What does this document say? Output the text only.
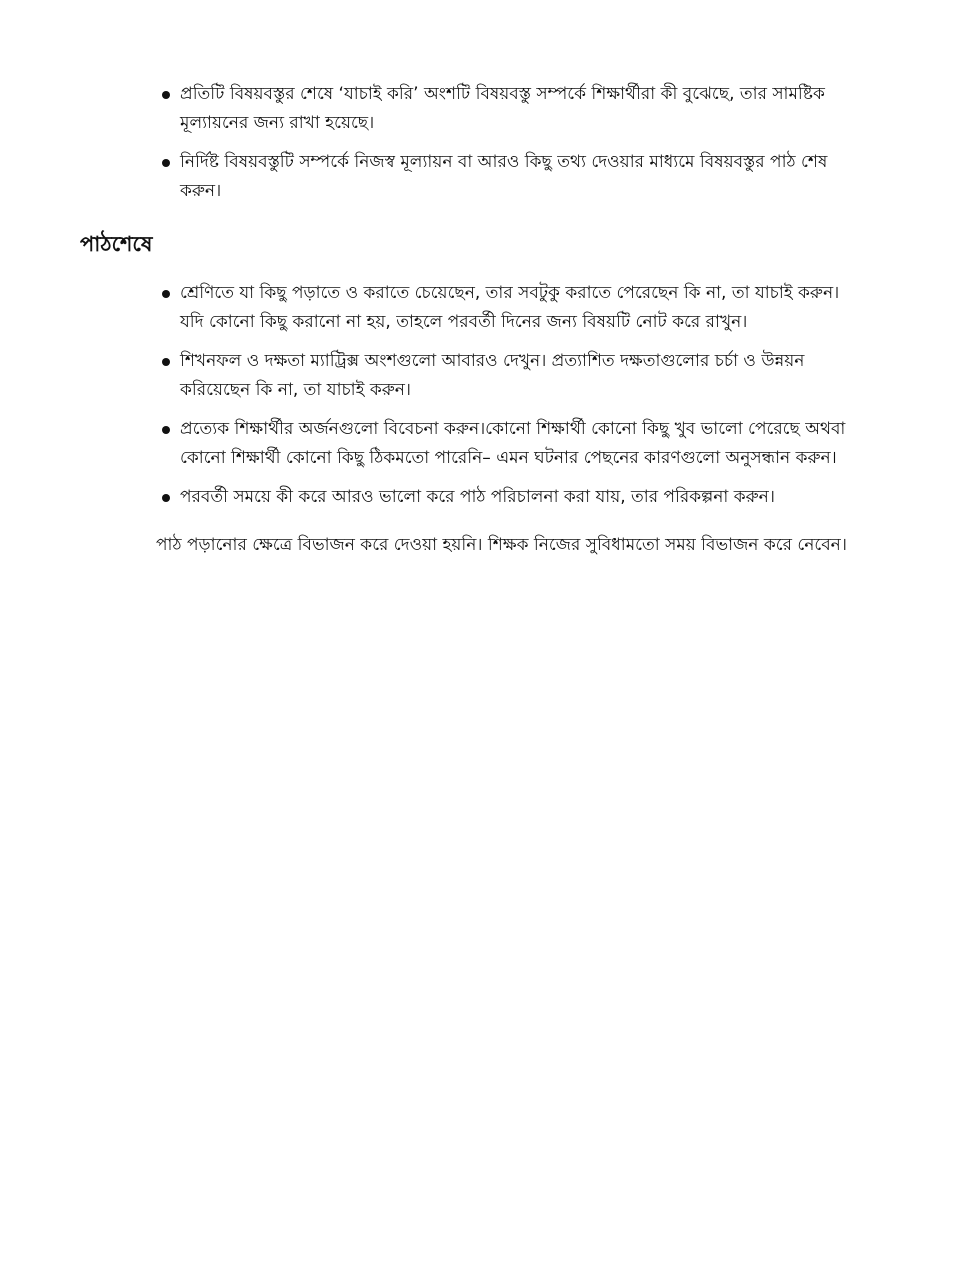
প্রতিটি বিষয়বস্তুর শেষে ‘যাচাই করি’ অংশটি বিষয়বস্তু সম্পর্কে শিক্ষার্থীরা কী বুঝেছে, তার সামষ্টিক মূল্যায়নের জন্য রাখা হয়েছে।
নির্দিষ্ট বিষয়বস্তুটি সম্পর্কে নিজস্ব মূল্যায়ন বা আরও কিছু তথ্য দেওয়ার মাধ্যমে বিষয়বস্তুর পাঠ শেষ করুন।
পাঠশেষে
শ্রেণিতে যা কিছু পড়াতে ও করাতে চেয়েছেন, তার সবটুকু করাতে পেরেছেন কি না, তা যাচাই করুন। যদি কোনো কিছু করানো না হয়, তাহলে পরবর্তী দিনের জন্য বিষয়টি নোট করে রাখুন।
শিখনফল ও দক্ষতা ম্যাট্রিক্স অংশগুলো আবারও দেখুন। প্রত্যাশিত দক্ষতাগুলোর চর্চা ও উন্নয়ন করিয়েছেন কি না, তা যাচাই করুন।
প্রত্যেক শিক্ষার্থীর অর্জনগুলো বিবেচনা করুন।কোনো শিক্ষার্থী কোনো কিছু খুব ভালো পেরেছে অথবা কোনো শিক্ষার্থী কোনো কিছু ঠিকমতো পারেনি– এমন ঘটনার পেছনের কারণগুলো অনুসন্ধান করুন।
পরবর্তী সময়ে কী করে আরও ভালো করে পাঠ পরিচালনা করা যায়, তার পরিকল্পনা করুন।

পাঠ পড়ানোর ক্ষেত্রে বিভাজন করে দেওয়া হয়নি। শিক্ষক নিজের সুবিধামতো সময় বিভাজন করে নেবেন।
